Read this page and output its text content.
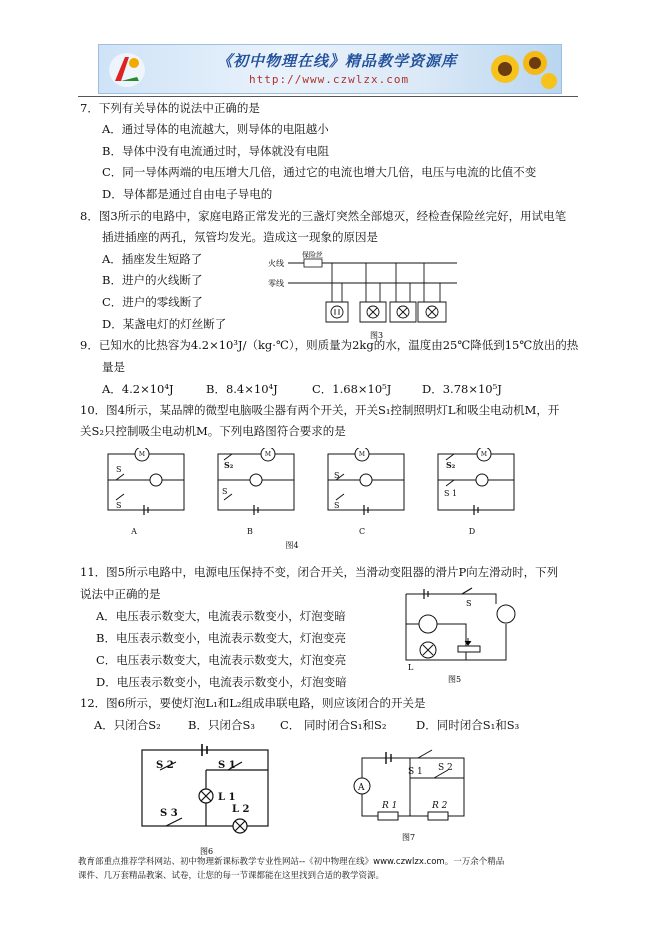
《初中物理在线》精品教学资源库
http://www.czwlzx.com
7．下列有关导体的说法中正确的是
A．通过导体的电流越大，则导体的电阻越小
B．导体中没有电流通过时，导体就没有电阻
C．同一导体两端的电压增大几倍，通过它的电流也增大几倍，电压与电流的比值不变
D．导体都是通过自由电子导电的
8．图3所示的电路中，家庭电路正常发光的三盏灯突然全部熄灭，经检查保险丝完好，用试电笔
插进插座的两孔，氖管均发光。造成这一现象的原因是
A．插座发生短路了
B．进户的火线断了
C．进户的零线断了
D．某盏电灯的灯丝断了
火线
零线
保险丝
图3
9．已知水的比热容为4.2×10³J/（kg·℃），则质量为2kg的水，温度由25℃降低到15℃放出的热
量是
A．4.2×10⁴J	B．8.4×10⁴J	C．1.68×10⁵J	D．3.78×10⁵J
10．图4所示，某品牌的微型电脑吸尘器有两个开关，开关S₁控制照明灯L和吸尘电动机M，开
关S₂只控制吸尘电动机M。下列电路图符合要求的是
M	M	M	M
S
S
S₂
S
S
S
S₂
S 1
A	B	C	D
图4
11．图5所示电路中，电源电压保持不变，闭合开关，当滑动变阻器的滑片P向左滑动时，下列
说法中正确的是
A．电压表示数变大，电流表示数变小，灯泡变暗
B．电压表示数变小，电流表示数变大，灯泡变亮
C．电压表示数变大，电流表示数变大，灯泡变亮
D．电压表示数变小，电流表示数变小，灯泡变暗
S
L
图5
12．图6所示，要使灯泡L₁和L₂组成串联电路，则应该闭合的开关是
A．只闭合S₂ B．只闭合S₃ C． 同时闭合S₁和S₂	D．同时闭合S₁和S₃
S 2	S 1
L 1
L 2
S 3
图6
A
S 1 S 2
R 1	R 2
图7
教育部重点推荐学科网站、初中物理新课标教学专业性网站--《初中物理在线》www.czwlzx.com。一万余个精品
课件、几万套精品教案、试卷，让您的每一节课都能在这里找到合适的教学资源。
